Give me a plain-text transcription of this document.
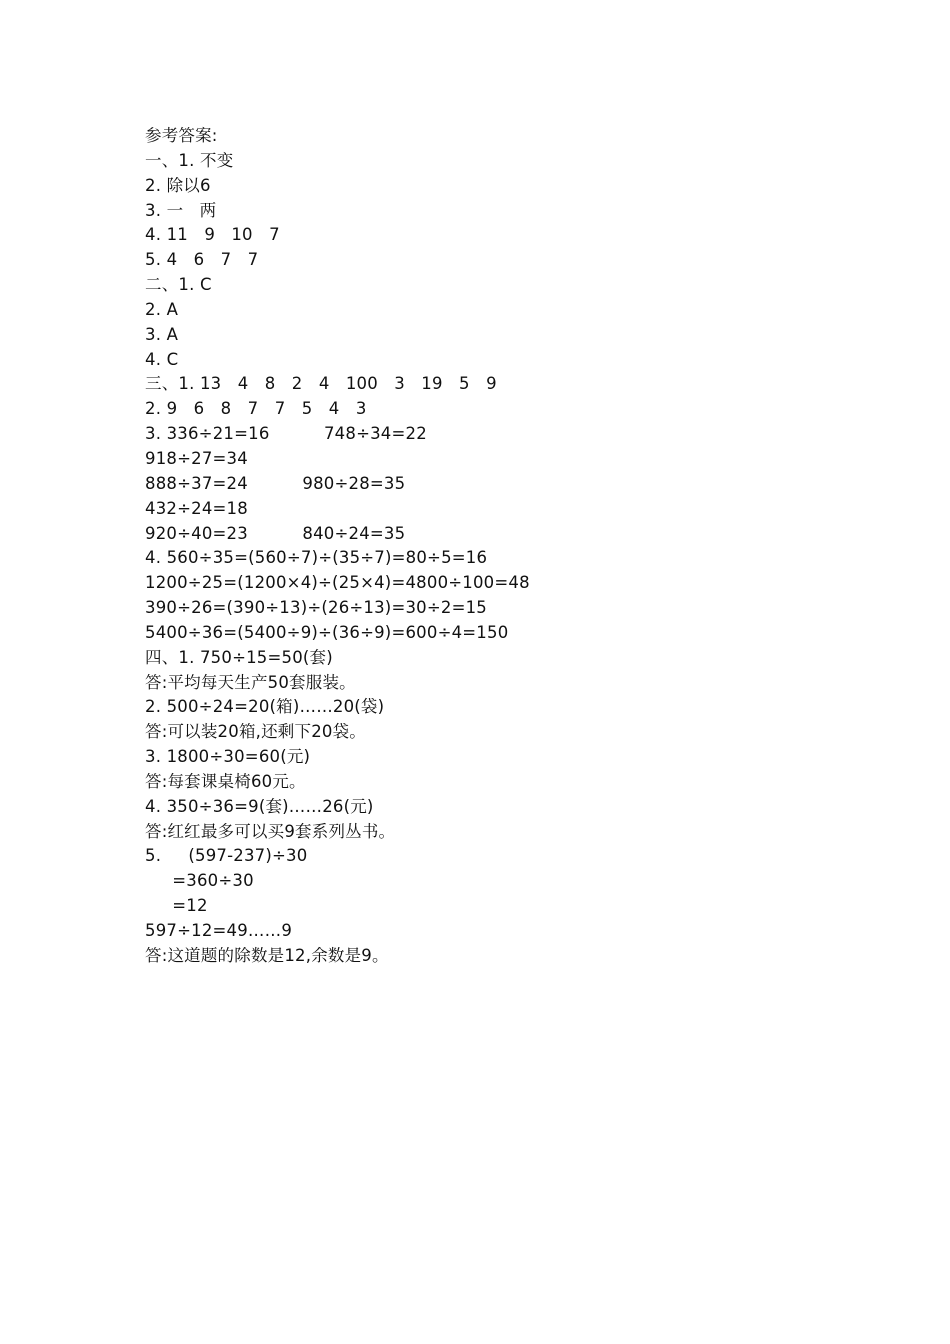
参考答案:
一、1. 不变
2. 除以6
3. 一   两
4. 11   9   10   7
5. 4   6   7   7
二、1. C
2. A
3. A
4. C
三、1. 13   4   8   2   4   100   3   19   5   9
2. 9   6   8   7   7   5   4   3
3. 336÷21=16          748÷34=22
918÷27=34
888÷37=24          980÷28=35
432÷24=18
920÷40=23          840÷24=35
4. 560÷35=(560÷7)÷(35÷7)=80÷5=16
1200÷25=(1200×4)÷(25×4)=4800÷100=48
390÷26=(390÷13)÷(26÷13)=30÷2=15
5400÷36=(5400÷9)÷(36÷9)=600÷4=150
四、1. 750÷15=50(套)
答:平均每天生产50套服装。
2. 500÷24=20(箱)……20(袋)
答:可以装20箱,还剩下20袋。
3. 1800÷30=60(元)
答:每套课桌椅60元。
4. 350÷36=9(套)……26(元)
答:红红最多可以买9套系列丛书。
5.     (597-237)÷30
=360÷30
=12
597÷12=49……9
答:这道题的除数是12,余数是9。
